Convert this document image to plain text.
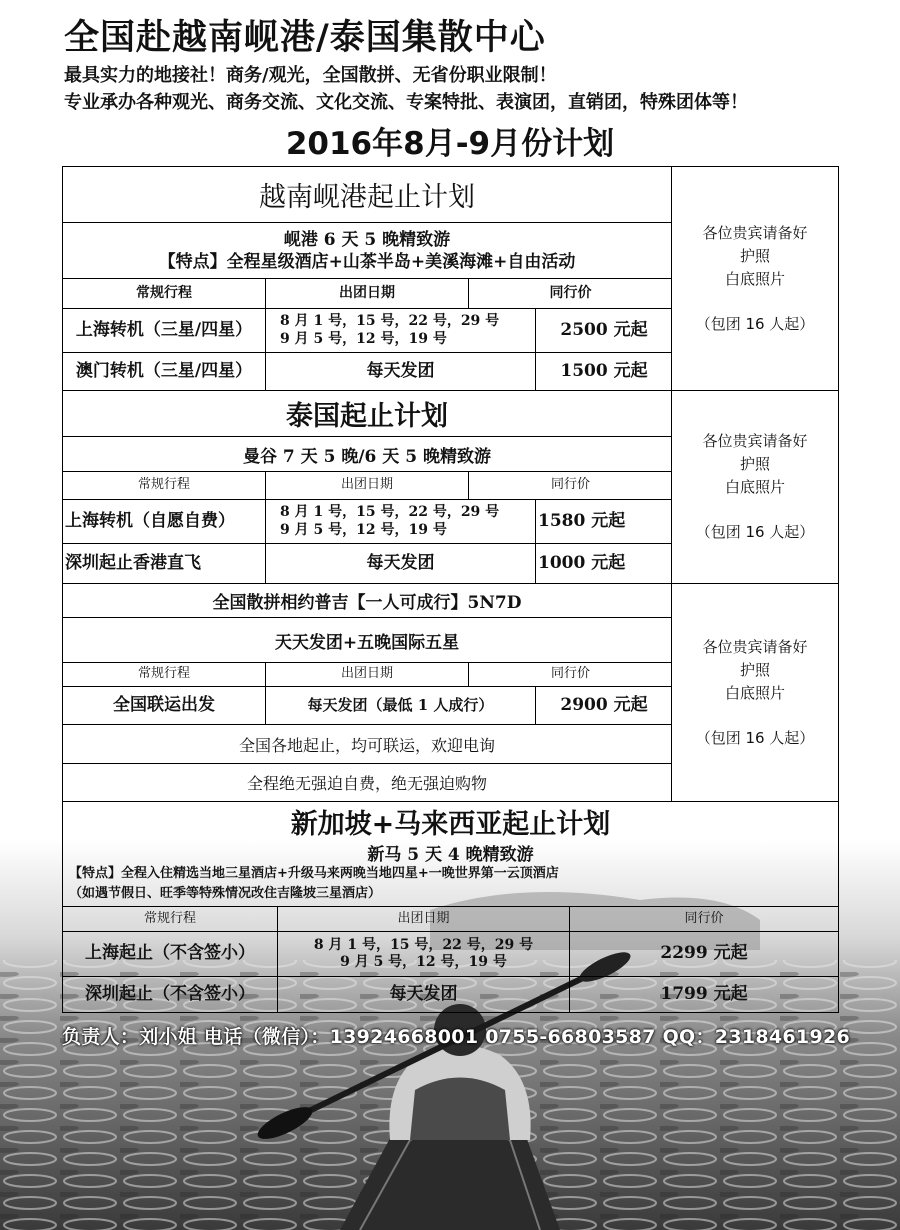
全国赴越南岘港/泰国集散中心
最具实力的地接社！商务/观光，全国散拼、无省份职业限制！
专业承办各种观光、商务交流、文化交流、专案特批、表演团，直销团，特殊团体等！
2016年8月-9月份计划
越南岘港起止计划
岘港 6 天 5 晚精致游
【特点】全程星级酒店+山茶半岛+美溪海滩+自由活动
常规行程	出团日期	同行价
上海转机（三星/四星）	8 月 1 号，15 号，22 号，29 号
9 月 5 号，12 号，19 号	2500 元起
澳门转机（三星/四星）	每天发团	1500 元起
各位贵宾请备好
护照
白底照片
（包团 16 人起）
泰国起止计划
曼谷 7 天 5 晚/6 天 5 晚精致游
常规行程	出团日期	同行价
上海转机（自愿自费）	8 月 1 号，15 号，22 号，29 号
9 月 5 号，12 号，19 号	1580 元起
深圳起止香港直飞	每天发团	1000 元起
各位贵宾请备好
护照
白底照片
（包团 16 人起）
全国散拼相约普吉【一人可成行】5N7D
天天发团+五晚国际五星
常规行程	出团日期	同行价
全国联运出发	每天发团（最低 1 人成行）	2900 元起
全国各地起止，均可联运，欢迎电询
全程绝无强迫自费，绝无强迫购物
各位贵宾请备好
护照
白底照片
（包团 16 人起）
新加坡+马来西亚起止计划
新马 5 天 4 晚精致游
【特点】全程入住精选当地三星酒店+升级马来两晚当地四星+一晚世界第一云顶酒店
（如遇节假日、旺季等特殊情况改住吉隆坡三星酒店）
常规行程	出团日期	同行价
上海起止（不含签小）	8 月 1 号，15 号，22 号，29 号
9 月 5 号，12 号，19 号	2299 元起
深圳起止（不含签小）	每天发团	1799 元起
负责人：刘小姐 电话（微信）：13924668001 0755-66803587 QQ：2318461926
